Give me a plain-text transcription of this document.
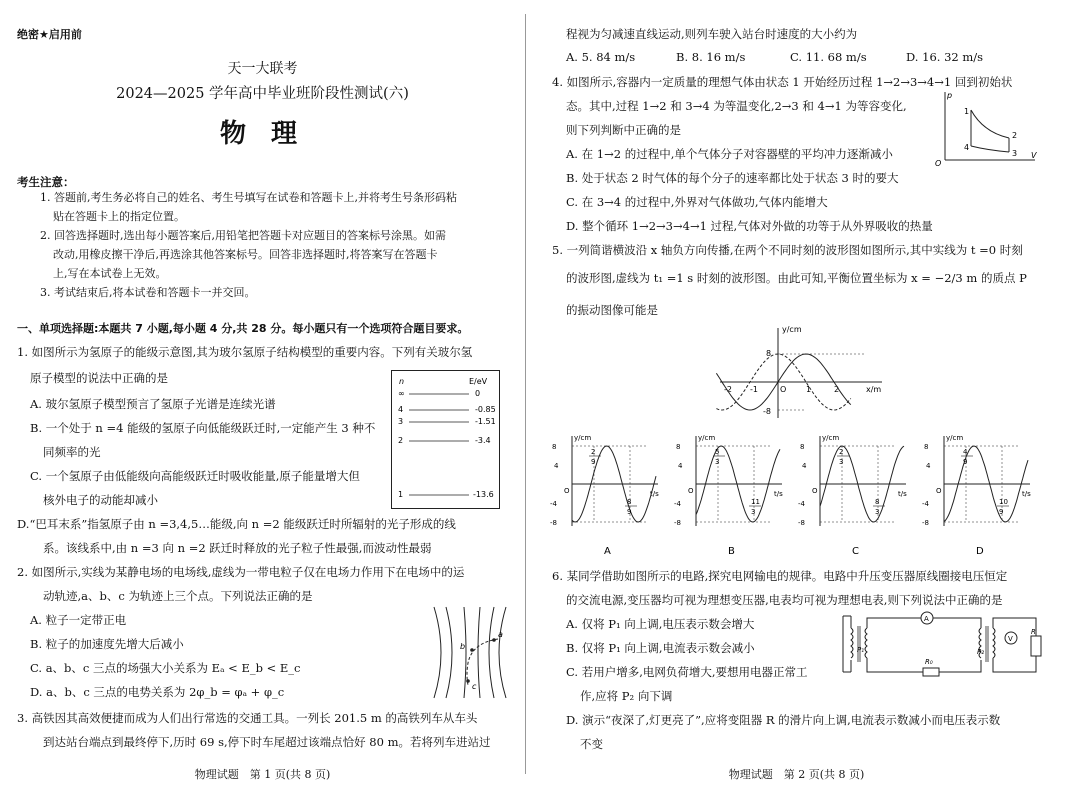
绝密★启用前
天一大联考
2024—2025 学年高中毕业班阶段性测试(六)
物 理
考生注意：
1. 答题前,考生务必将自己的姓名、考生号填写在试卷和答题卡上,并将考生号条形码粘
贴在答题卡上的指定位置。
2. 回答选择题时,选出每小题答案后,用铅笔把答题卡对应题目的答案标号涂黑。如需
改动,用橡皮擦干净后,再选涂其他答案标号。回答非选择题时,将答案写在答题卡
上,写在本试卷上无效。
3. 考试结束后,将本试卷和答题卡一并交回。
一、单项选择题:本题共 7 小题,每小题 4 分,共 28 分。每小题只有一个选项符合题目要求。
1. 如图所示为氢原子的能级示意图,其为玻尔氢原子结构模型的重要内容。下列有关玻尔氢
原子模型的说法中正确的是
A. 玻尔氢原子模型预言了氢原子光谱是连续光谱
B. 一个处于 n =4 能级的氢原子向低能级跃迁时,一定能产生 3 种不
同频率的光
C. 一个氢原子由低能级向高能级跃迁时吸收能量,原子能量增大但
核外电子的动能却减小
D.“巴耳末系”指氢原子由 n =3,4,5…能级,向 n =2 能级跃迁时所辐射的光子形成的线
系。该线系中,由 n =3 向 n =2 跃迁时释放的光子粒子性最强,而波动性最弱
n	E/eV
∞	0
4	-0.85
3	-1.51
2	-3.4
1	-13.6
2. 如图所示,实线为某静电场的电场线,虚线为一带电粒子仅在电场力作用下在电场中的运
动轨迹,a、b、c 为轨迹上三个点。下列说法正确的是
A. 粒子一定带正电
B. 粒子的加速度先增大后减小
C. a、b、c 三点的场强大小关系为 Eₐ < E_b < E_c
D. a、b、c 三点的电势关系为 2φ_b = φₐ + φ_c
a
b
c
3. 高铁因其高效便捷而成为人们出行常选的交通工具。一列长 201.5 m 的高铁列车从车头
到达站台端点到最终停下,历时 69 s,停下时车尾超过该端点恰好 80 m。若将列车进站过
物理试题　第 1 页(共 8 页)
程视为匀减速直线运动,则列车驶入站台时速度的大小约为
A. 5. 84 m/s	B. 8. 16 m/s	C. 11. 68 m/s	D. 16. 32 m/s
4. 如图所示,容器内一定质量的理想气体由状态 1 开始经历过程 1→2→3→4→1 回到初始状
态。其中,过程 1→2 和 3→4 为等温变化,2→3 和 4→1 为等容变化,
则下列判断中正确的是
A. 在 1→2 的过程中,单个气体分子对容器壁的平均冲力逐渐减小
B. 处于状态 2 时气体的每个分子的速率都比处于状态 3 时的要大
C. 在 3→4 的过程中,外界对气体做功,气体内能增大
D. 整个循环 1→2→3→4→1 过程,气体对外做的功等于从外界吸收的热量
p
V
O
1
2
3
4
5. 一列简谐横波沿 x 轴负方向传播,在两个不同时刻的波形图如图所示,其中实线为 t =0 时刻
的波形图,虚线为 t₁ =1 s 时刻的波形图。由此可知,平衡位置坐标为 x = −2/3 m 的质点 P
的振动图像可能是
y/cm
x/m
8
-8
-2 -1	O 1	2
y/cm
t/s
8
-8
4
-4
O
2
9
8
9
A
y/cm
t/s
8
-8
4
-4
O
5
3
11
3
B
y/cm
t/s
8
-8
4
-4
O
2
3
8
3
C
y/cm
t/s
8
-8
4
-4
O
4
9
10
9
D
6. 某同学借助如图所示的电路,探究电网输电的规律。电路中升压变压器原线圈接电压恒定
的交流电源,变压器均可视为理想变压器,电表均可视为理想电表,则下列说法中正确的是
A. 仅将 P₁ 向上调,电压表示数会增大
B. 仅将 P₁ 向上调,电流表示数会减小
C. 若用户增多,电网负荷增大,要想用电器正常工
作,应将 P₂ 向下调
D. 演示“夜深了,灯更亮了”,应将变阻器 R 的滑片向上调,电流表示数减小而电压表示数
不变
P₁
A
R₀
P₂
V
R
物理试题　第 2 页(共 8 页)
